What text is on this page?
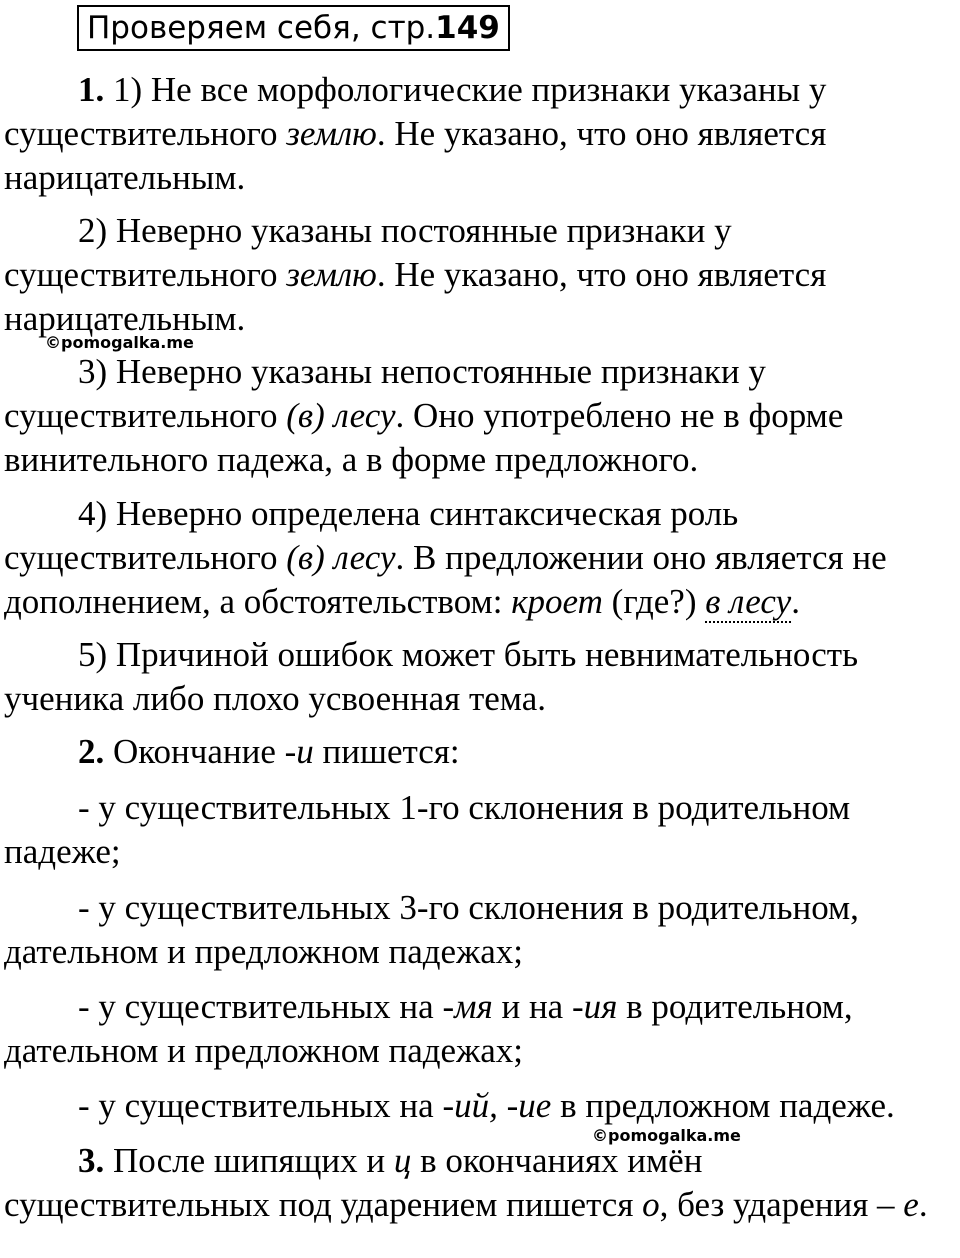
Проверяем себя, стр.149

1. 1) Не все морфологические признаки указаны у существительного землю. Не указано, что оно является нарицательным.

2) Неверно указаны постоянные признаки у существительного землю. Не указано, что оно является нарицательным.

©pomogalka.me

3) Неверно указаны непостоянные признаки у существительного (в) лесу. Оно употреблено не в форме винительного падежа, а в форме предложного.

4) Неверно определена синтаксическая роль существительного (в) лесу. В предложении оно является не дополнением, а обстоятельством: кроет (где?) в лесу.

5) Причиной ошибок может быть невнимательность ученика либо плохо усвоенная тема.

2. Окончание -и пишется:

- у существительных 1-го склонения в родительном падеже;

- у существительных 3-го склонения в родительном, дательном и предложном падежах;

- у существительных на -мя и на -ия в родительном, дательном и предложном падежах;

- у существительных на -ий, -ие в предложном падеже.

©pomogalka.me

3. После шипящих и ц в окончаниях имён существительных под ударением пишется о, без ударения – е.
